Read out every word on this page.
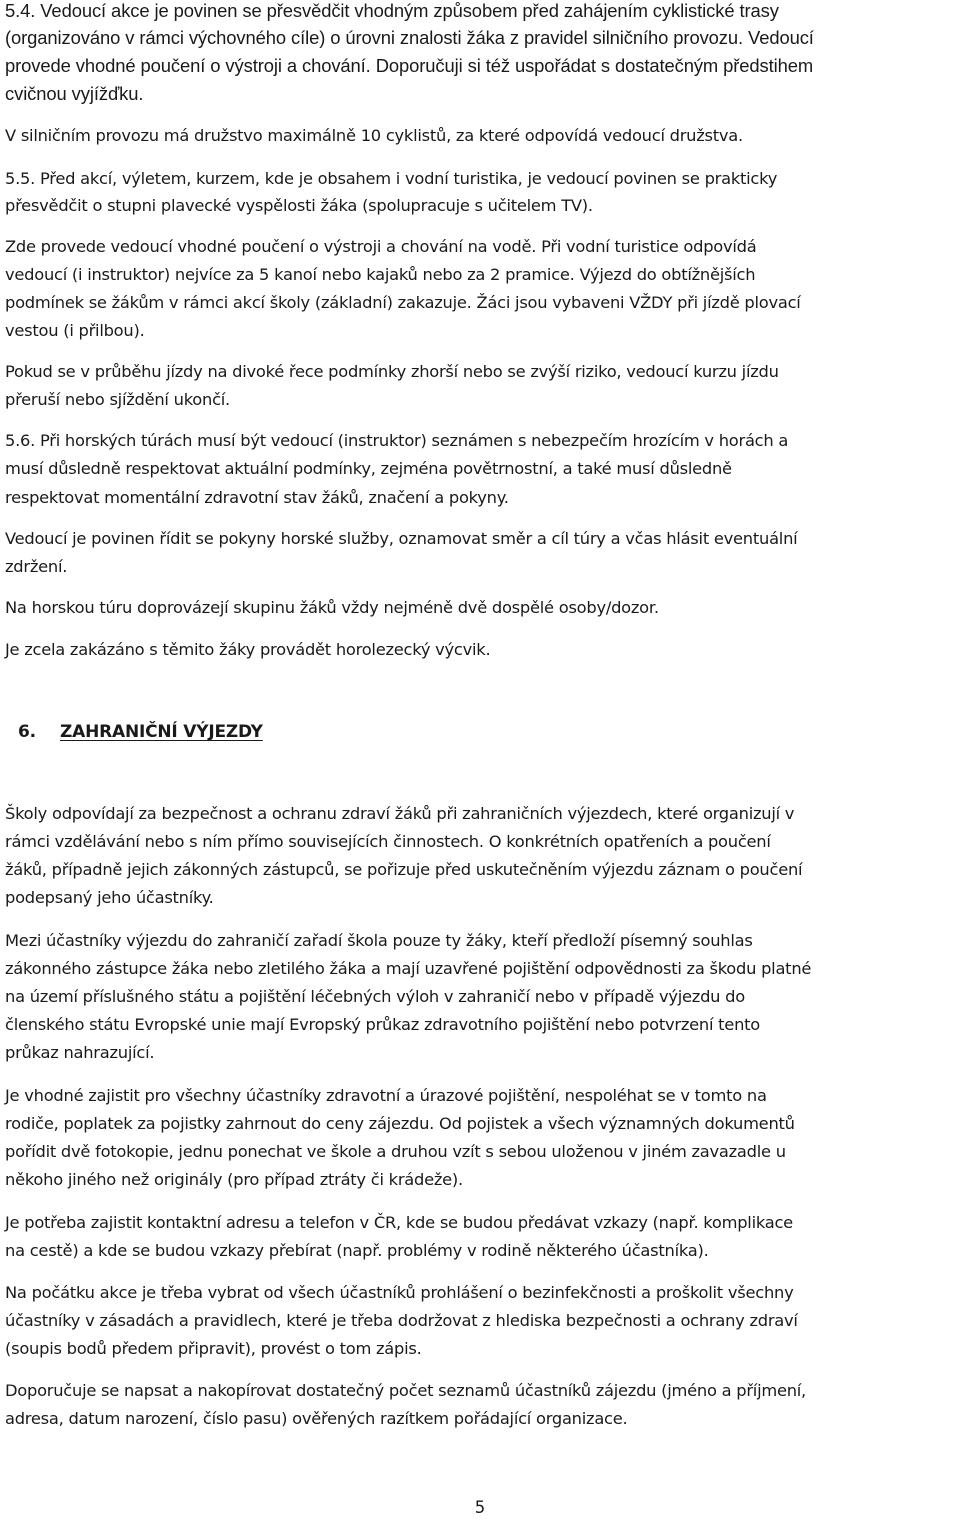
5.4. Vedoucí akce je povinen se přesvědčit vhodným způsobem před zahájením cyklistické trasy
(organizováno v rámci výchovného cíle) o úrovni znalosti žáka z pravidel silničního provozu. Vedoucí
provede vhodné poučení o výstroji a chování. Doporučuji si též uspořádat s dostatečným předstihem
cvičnou vyjížďku.
V silničním provozu má družstvo maximálně 10 cyklistů, za které odpovídá vedoucí družstva.
5.5. Před akcí, výletem, kurzem, kde je obsahem i vodní turistika, je vedoucí povinen se prakticky
přesvědčit o stupni plavecké vyspělosti žáka (spolupracuje s učitelem TV).
Zde provede vedoucí vhodné poučení o výstroji a chování na vodě. Při vodní turistice odpovídá
vedoucí (i instruktor) nejvíce za 5 kanoí nebo kajaků nebo za 2 pramice. Výjezd do obtížnějších
podmínek se žákům v rámci akcí školy (základní) zakazuje. Žáci jsou vybaveni VŽDY při jízdě plovací
vestou (i přilbou).
Pokud se v průběhu jízdy na divoké řece podmínky zhorší nebo se zvýší riziko, vedoucí kurzu jízdu
přeruší nebo sjíždění ukončí.
5.6. Při horských túrách musí být vedoucí (instruktor) seznámen s nebezpečím hrozícím v horách a
musí důsledně respektovat aktuální podmínky, zejména povětrnostní, a také musí důsledně
respektovat momentální zdravotní stav žáků, značení a pokyny.
Vedoucí je povinen řídit se pokyny horské služby, oznamovat směr a cíl túry a včas hlásit eventuální
zdržení.
Na horskou túru doprovázejí skupinu žáků vždy nejméně dvě dospělé osoby/dozor.
Je zcela zakázáno s těmito žáky provádět horolezecký výcvik.
Školy odpovídají za bezpečnost a ochranu zdraví žáků při zahraničních výjezdech, které organizují v
rámci vzdělávání nebo s ním přímo souvisejících činnostech. O konkrétních opatřeních a poučení
žáků, případně jejich zákonných zástupců, se pořizuje před uskutečněním výjezdu záznam o poučení
podepsaný jeho účastníky.
Mezi účastníky výjezdu do zahraničí zařadí škola pouze ty žáky, kteří předloží písemný souhlas
zákonného zástupce žáka nebo zletilého žáka a mají uzavřené pojištění odpovědnosti za škodu platné
na území příslušného státu a pojištění léčebných výloh v zahraničí nebo v případě výjezdu do
členského státu Evropské unie mají Evropský průkaz zdravotního pojištění nebo potvrzení tento
průkaz nahrazující.
Je vhodné zajistit pro všechny účastníky zdravotní a úrazové pojištění, nespoléhat se v tomto na
rodiče, poplatek za pojistky zahrnout do ceny zájezdu. Od pojistek a všech významných dokumentů
pořídit dvě fotokopie, jednu ponechat ve škole a druhou vzít s sebou uloženou v jiném zavazadle u
někoho jiného než originály (pro případ ztráty či krádeže).
Je potřeba zajistit kontaktní adresu a telefon v ČR, kde se budou předávat vzkazy (např. komplikace
na cestě) a kde se budou vzkazy přebírat (např. problémy v rodině některého účastníka).
Na počátku akce je třeba vybrat od všech účastníků prohlášení o bezinfekčnosti a proškolit všechny
účastníky v zásadách a pravidlech, které je třeba dodržovat z hlediska bezpečnosti a ochrany zdraví
(soupis bodů předem připravit), provést o tom zápis.
Doporučuje se napsat a nakopírovat dostatečný počet seznamů účastníků zájezdu (jméno a příjmení,
adresa, datum narození, číslo pasu) ověřených razítkem pořádající organizace.
6. ZAHRANIČNÍ VÝJEZDY
5
